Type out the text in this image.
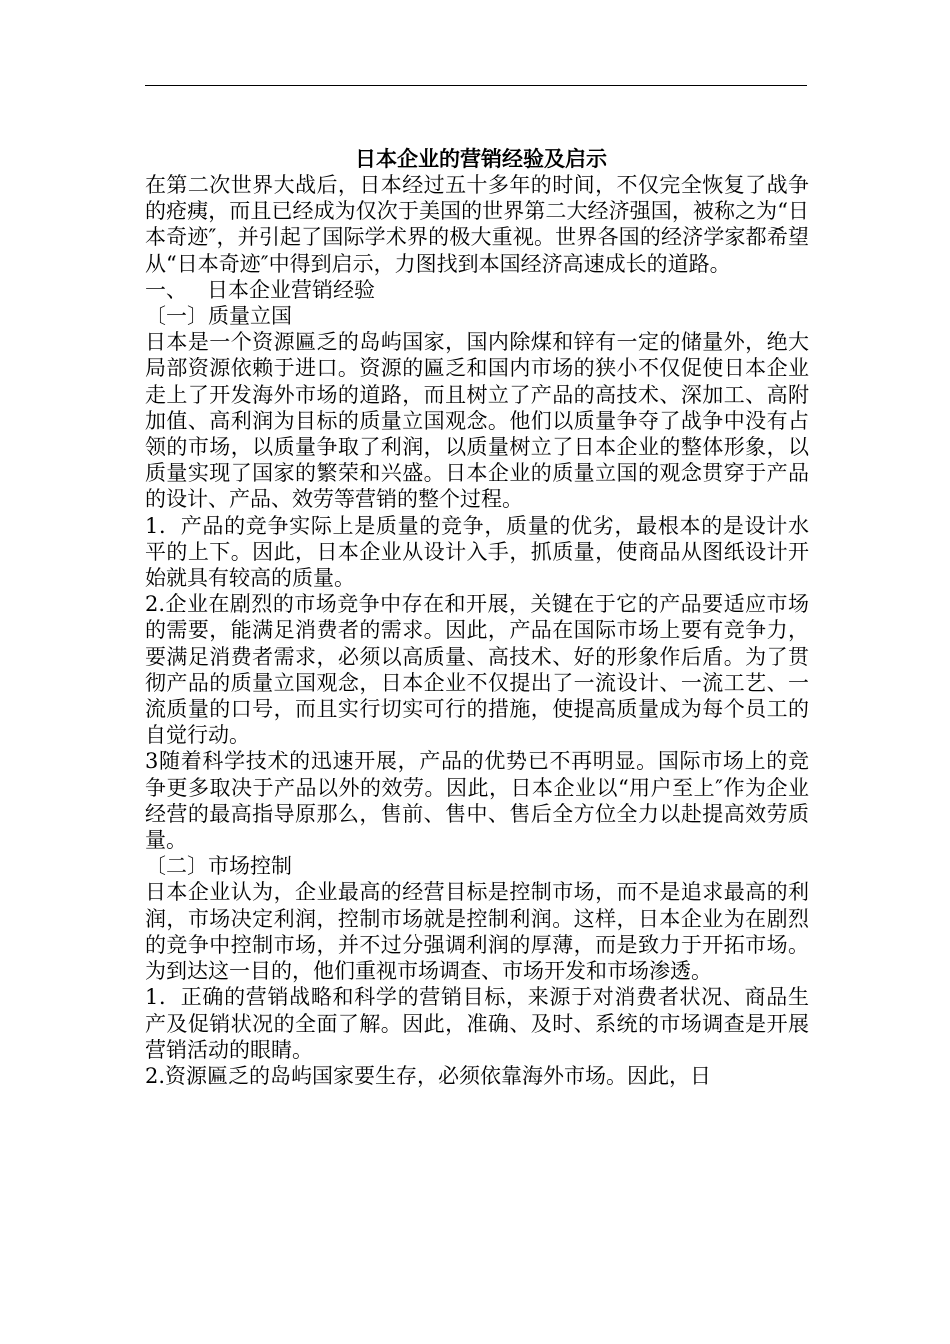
日本企业的营销经验及启示

在第二次世界大战后，日本经过五十多年的时间，不仅完全恢复了战争的疮痍，而且已经成为仅次于美国的世界第二大经济强国，被称之为“日本奇迹″，并引起了国际学术界的极大重视。世界各国的经济学家都希望从“日本奇迹″中得到启示，力图找到本国经济高速成长的道路。

一、   日本企业营销经验

〔一〕质量立国

日本是一个资源匾乏的岛屿国家，国内除煤和锌有一定的储量外，绝大局部资源依赖于进口。资源的匾乏和国内市场的狭小不仅促使日本企业走上了开发海外市场的道路，而且树立了产品的高技术、深加工、高附加值、高利润为目标的质量立国观念。他们以质量争夺了战争中没有占领的市场，以质量争取了利润，以质量树立了日本企业的整体形象，以质量实现了国家的繁荣和兴盛。日本企业的质量立国的观念贯穿于产品的设计、产品、效劳等营销的整个过程。

1．产品的竞争实际上是质量的竞争，质量的优劣，最根本的是设计水平的上下。因此，日本企业从设计入手，抓质量，使商品从图纸设计开始就具有较高的质量。

2.企业在剧烈的市场竞争中存在和开展，关键在于它的产品要适应市场的需要，能满足消费者的需求。因此，产品在国际市场上要有竞争力，要满足消费者需求，必须以高质量、高技术、好的形象作后盾。为了贯彻产品的质量立国观念，日本企业不仅提出了一流设计、一流工艺、一流质量的口号，而且实行切实可行的措施，使提高质量成为每个员工的自觉行动。

3随着科学技术的迅速开展，产品的优势已不再明显。国际市场上的竞争更多取决于产品以外的效劳。因此，日本企业以“用户至上″作为企业经营的最高指导原那么，售前、售中、售后全方位全力以赴提高效劳质量。

〔二〕市场控制

日本企业认为，企业最高的经营目标是控制市场，而不是追求最高的利润，市场决定利润，控制市场就是控制利润。这样，日本企业为在剧烈的竞争中控制市场，并不过分强调利润的厚薄，而是致力于开拓市场。为到达这一目的，他们重视市场调查、市场开发和市场渗透。

1．正确的营销战略和科学的营销目标，来源于对消费者状况、商品生产及促销状况的全面了解。因此，准确、及时、系统的市场调查是开展营销活动的眼睛。

2.资源匾乏的岛屿国家要生存，必须依靠海外市场。因此，日
